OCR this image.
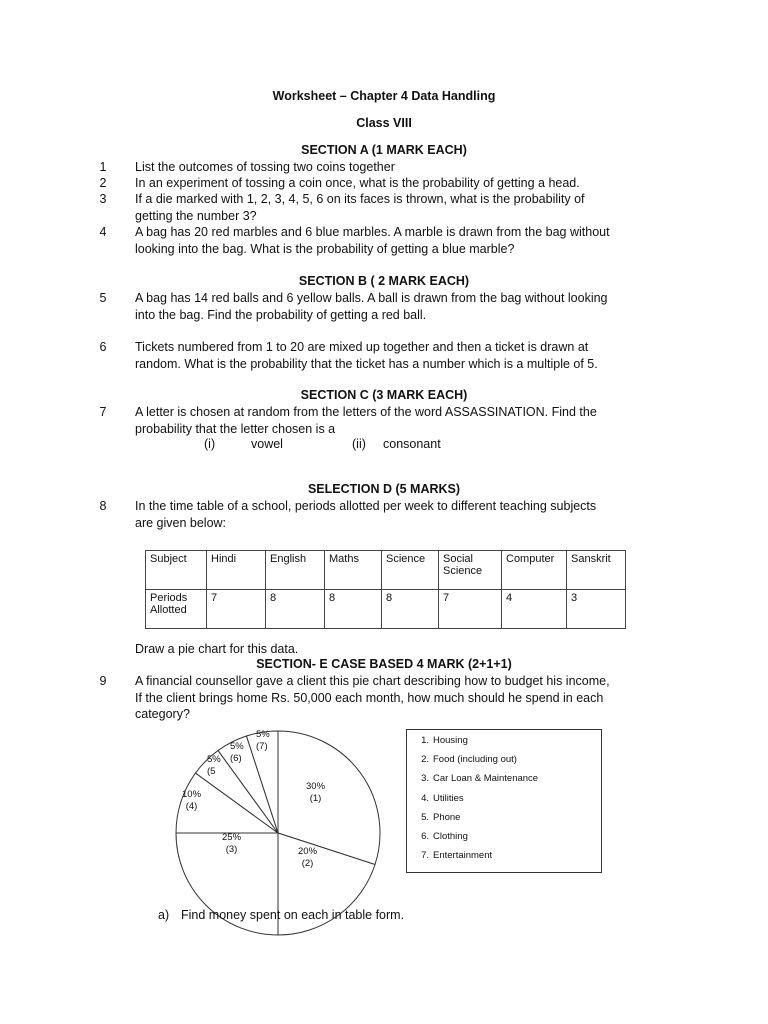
Worksheet – Chapter 4 Data Handling
Class VIII
SECTION A (1 MARK EACH)
1 List the outcomes of tossing two coins together
2 In an experiment of tossing a coin once, what is the probability of getting a head.
3 If a die marked with 1, 2, 3, 4, 5, 6 on its faces is thrown, what is the probability of
getting the number 3?
4 A bag has 20 red marbles and 6 blue marbles. A marble is drawn from the bag without
looking into the bag. What is the probability of getting a blue marble?
SECTION B ( 2 MARK EACH)
5 A bag has 14 red balls and 6 yellow balls. A ball is drawn from the bag without looking
into the bag. Find the probability of getting a red ball.
6 Tickets numbered from 1 to 20 are mixed up together and then a ticket is drawn at
random. What is the probability that the ticket has a number which is a multiple of 5.
SECTION C (3 MARK EACH)
7 A letter is chosen at random from the letters of the word ASSASSINATION. Find the
probability that the letter chosen is a
(i)	vowel	(ii) consonant
SELECTION D (5 MARKS)
8 In the time table of a school, periods allotted per week to different teaching subjects
are given below:
Subject	Hindi	English	Maths	Science	Social Science	Computer	Sanskrit
Periods Allotted	7	8	8	8	7	4	3
Draw a pie chart for this data.
SECTION- E CASE BASED 4 MARK (2+1+1)
9 A financial counsellor gave a client this pie chart describing how to budget his income,
If the client brings home Rs. 50,000 each month, how much should he spend in each
category?
30%
(1)
20%
(2)
25%
(3)
10%
(4)
5%
(5
5%
(6)
5%
(7)
1. Housing
2. Food (including out)
3. Car Loan & Maintenance
4. Utilities
5. Phone
6. Clothing
7. Entertainment
a) Find money spent on each in table form.
